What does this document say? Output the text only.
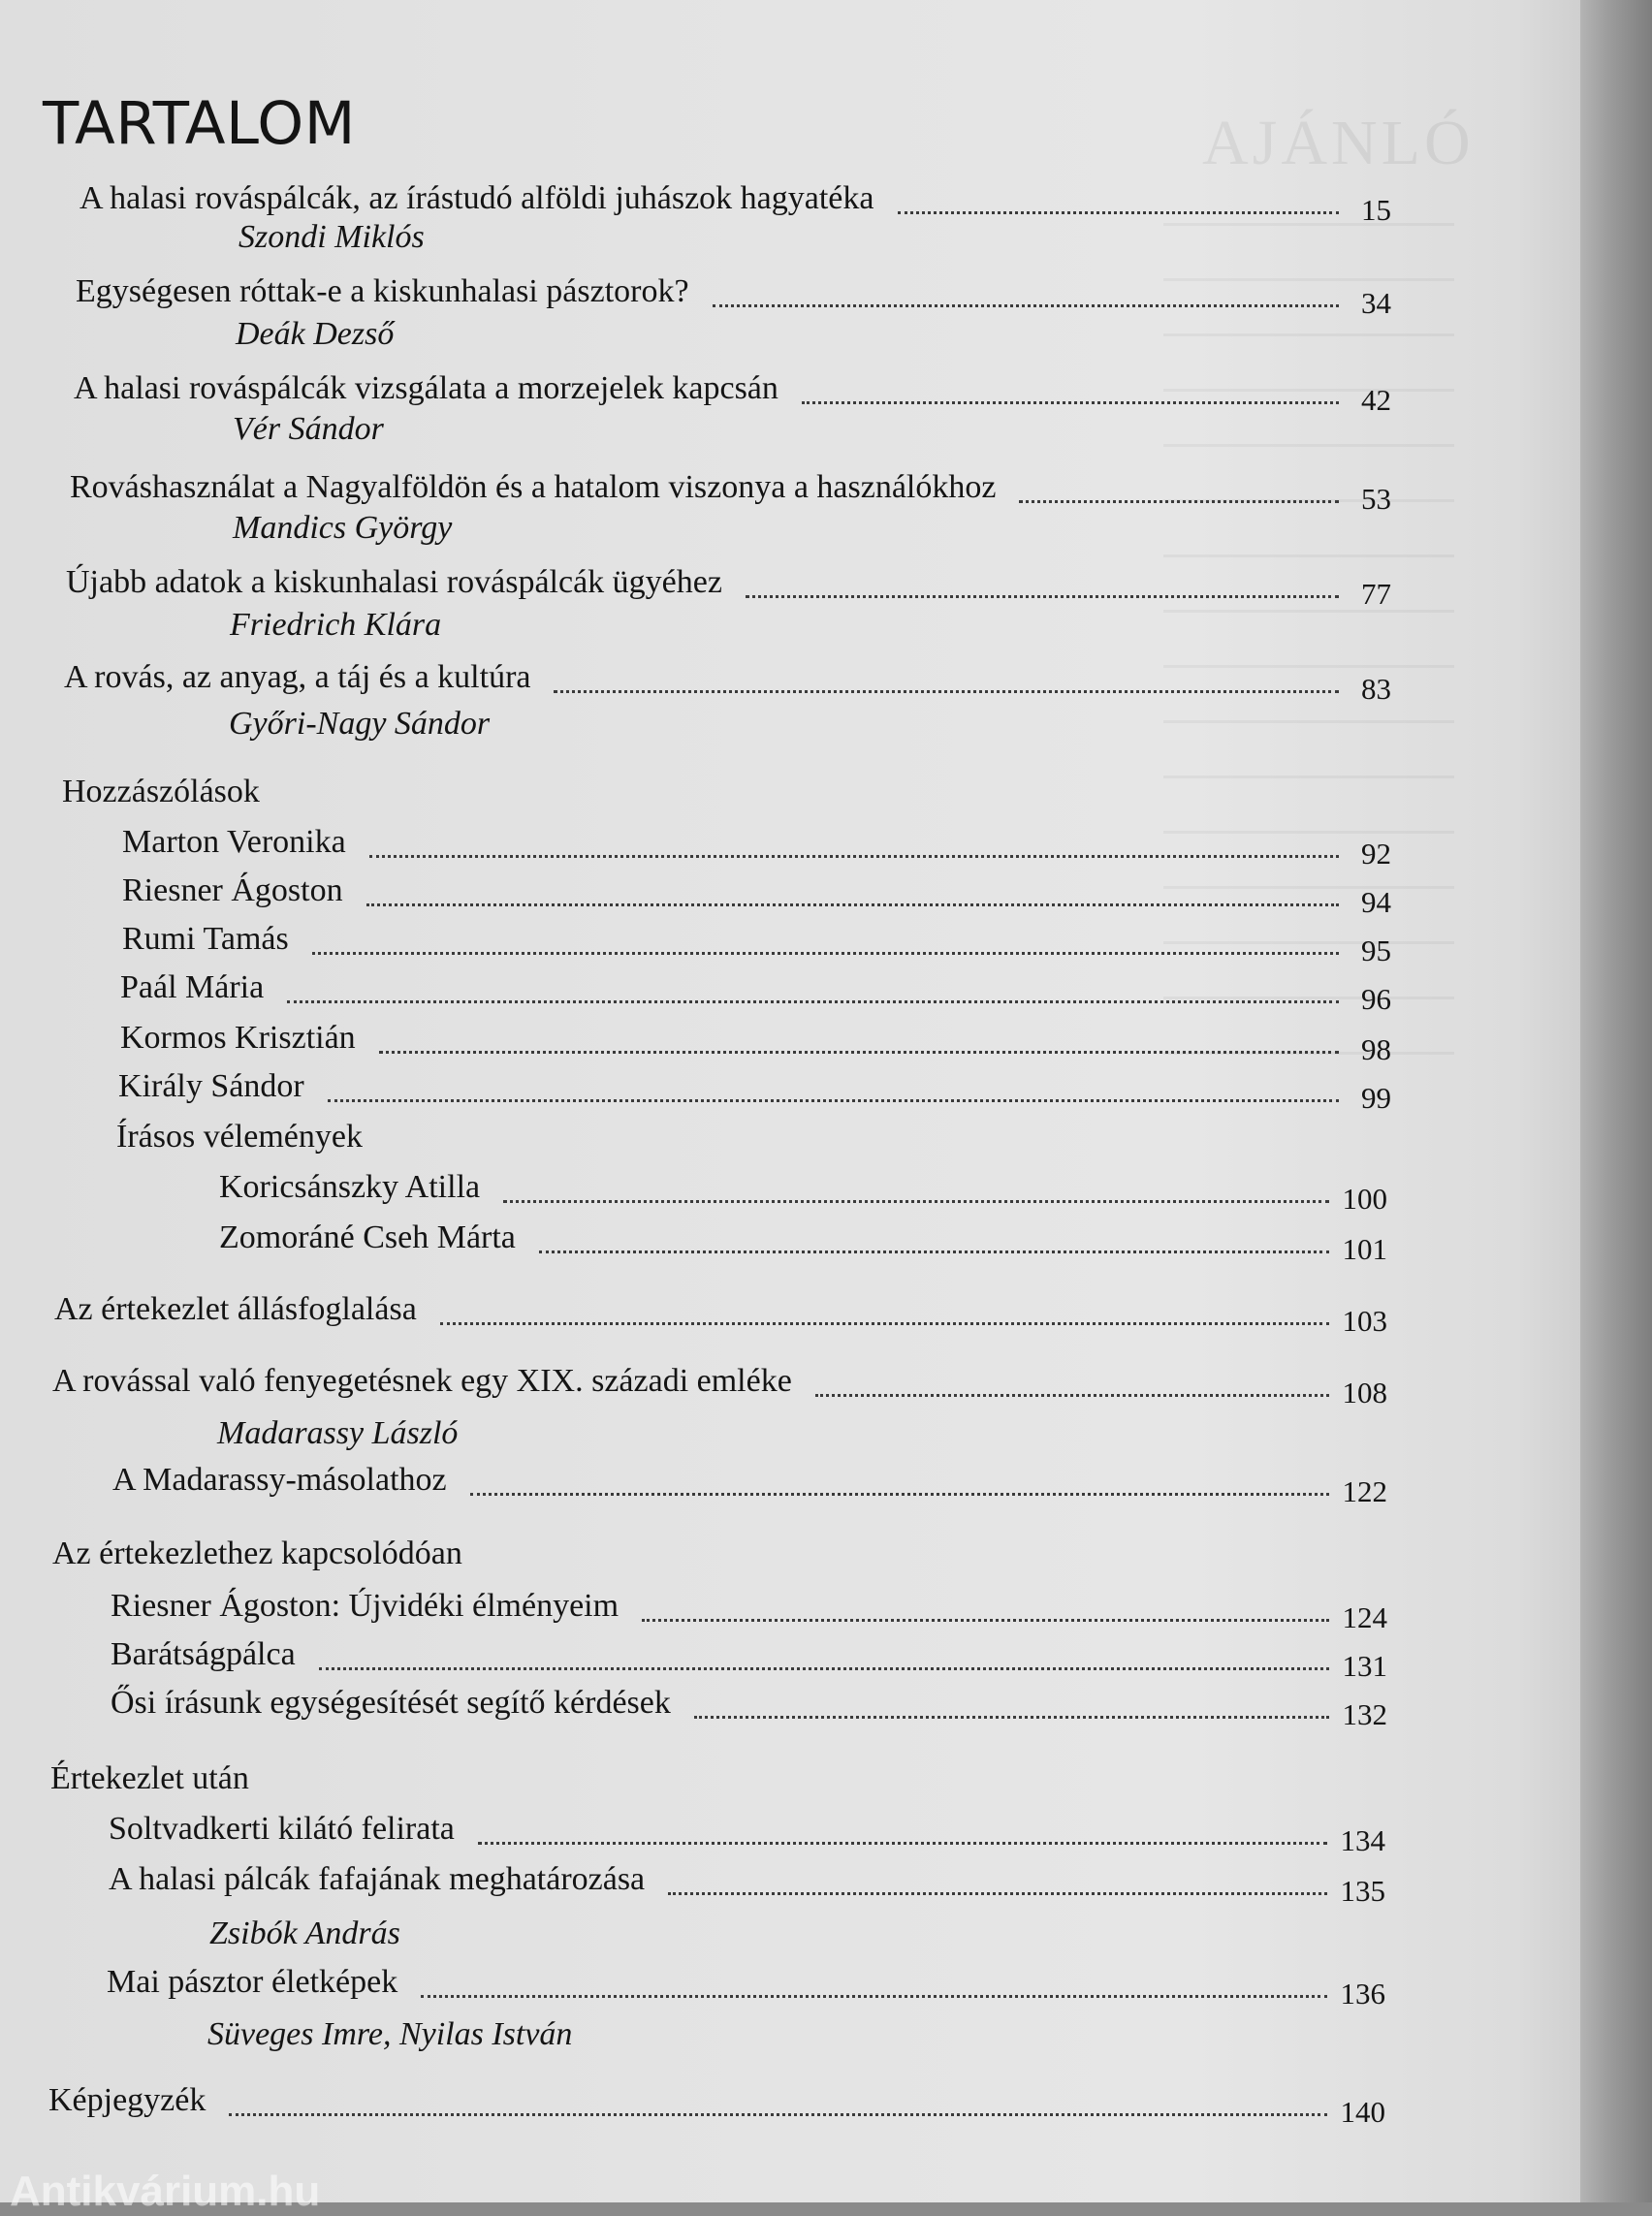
AJÁNLÓ
TARTALOM
A halasi rováspálcák, az írástudó alföldi juhászok hagyatéka	15
Szondi Miklós
Egységesen róttak-e a kiskunhalasi pásztorok?	34
Deák Dezső
A halasi rováspálcák vizsgálata a morzejelek kapcsán	42
Vér Sándor
Rováshasználat a Nagyalföldön és a hatalom viszonya a használókhoz	53
Mandics György
Újabb adatok a kiskunhalasi rováspálcák ügyéhez	77
Friedrich Klára
A rovás, az anyag, a táj és a kultúra	83
Győri-Nagy Sándor
Hozzászólások
Marton Veronika	92
Riesner Ágoston	94
Rumi Tamás	95
Paál Mária	96
Kormos Krisztián	98
Király Sándor	99
Írásos vélemények
Koricsánszky Atilla	100
Zomoráné Cseh Márta	101
Az értekezlet állásfoglalása	103
A rovással való fenyegetésnek egy XIX. századi emléke	108
Madarassy László
A Madarassy-másolathoz	122
Az értekezlethez kapcsolódóan
Riesner Ágoston: Újvidéki élményeim	124
Barátságpálca	131
Ősi írásunk egységesítését segítő kérdések	132
Értekezlet után
Soltvadkerti kilátó felirata	134
A halasi pálcák fafajának meghatározása	135
Zsibók András
Mai pásztor életképek	136
Süveges Imre, Nyilas István
Képjegyzék	140
Antikvárium.hu
